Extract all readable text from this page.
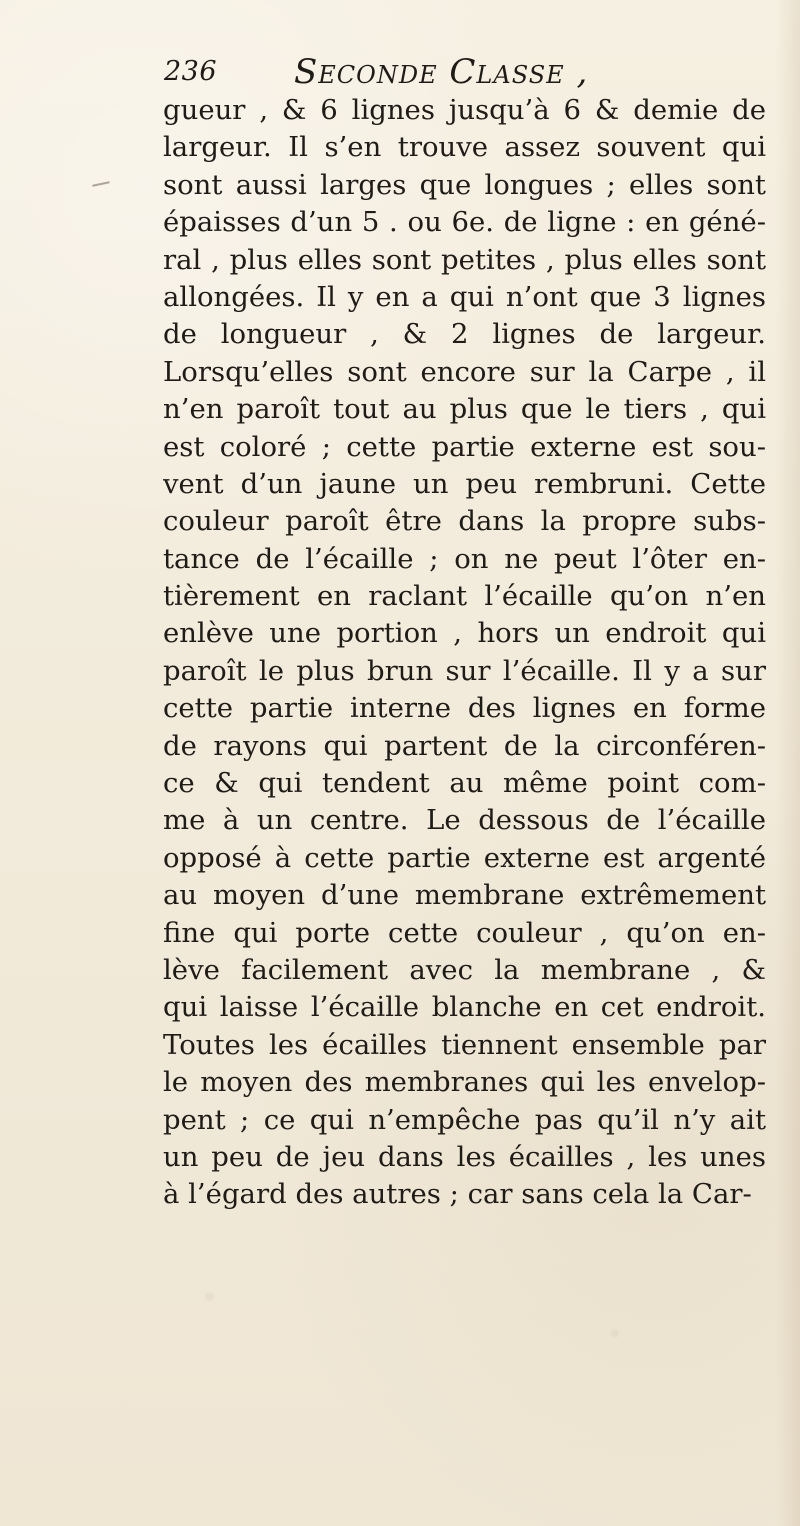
236 Seconde Classe ,
gueur , & 6 lignes jusqu’à 6 & demie de
largeur. Il s’en trouve assez souvent qui
sont aussi larges que longues ; elles sont
épaisses d’un 5 . ou 6e. de ligne : en géné-
ral , plus elles sont petites , plus elles sont
allongées. Il y en a qui n’ont que 3 lignes
de longueur , & 2 lignes de largeur.
Lorsqu’elles sont encore sur la Carpe , il
n’en paroît tout au plus que le tiers , qui
est coloré ; cette partie externe est sou-
vent d’un jaune un peu rembruni. Cette
couleur paroît être dans la propre subs-
tance de l’écaille ; on ne peut l’ôter en-
tièrement en raclant l’écaille qu’on n’en
enlève une portion , hors un endroit qui
paroît le plus brun sur l’écaille. Il y a sur
cette partie interne des lignes en forme
de rayons qui partent de la circonféren-
ce & qui tendent au même point com-
me à un centre. Le dessous de l’écaille
opposé à cette partie externe est argenté
au moyen d’une membrane extrêmement
fine qui porte cette couleur , qu’on en-
lève facilement avec la membrane , &
qui laisse l’écaille blanche en cet endroit.
Toutes les écailles tiennent ensemble par
le moyen des membranes qui les envelop-
pent ; ce qui n’empêche pas qu’il n’y ait
un peu de jeu dans les écailles , les unes
à l’égard des autres ; car sans cela la Car-
